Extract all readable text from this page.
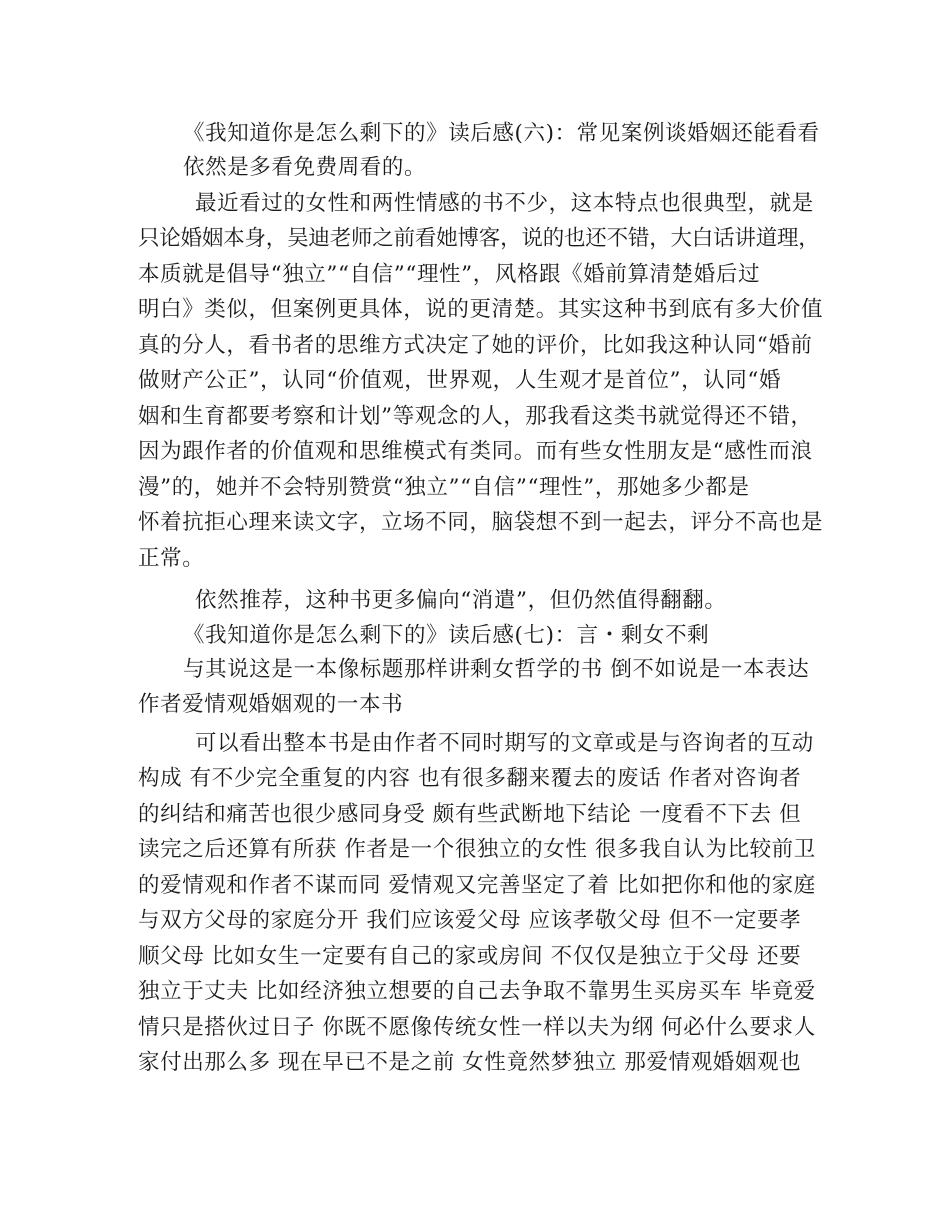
《我知道你是怎么剩下的》读后感(六)：常见案例谈婚姻还能看看
依然是多看免费周看的。
最近看过的女性和两性情感的书不少，这本特点也很典型，就是
只论婚姻本身，吴迪老师之前看她博客，说的也还不错，大白话讲道理，
本质就是倡导“独立”“自信”“理性”，风格跟《婚前算清楚婚后过
明白》类似，但案例更具体，说的更清楚。其实这种书到底有多大价值
真的分人，看书者的思维方式决定了她的评价，比如我这种认同“婚前
做财产公正”，认同“价值观，世界观，人生观才是首位”，认同“婚
姻和生育都要考察和计划”等观念的人，那我看这类书就觉得还不错，
因为跟作者的价值观和思维模式有类同。而有些女性朋友是“感性而浪
漫”的，她并不会特别赞赏“独立”“自信”“理性”，那她多少都是
怀着抗拒心理来读文字，立场不同，脑袋想不到一起去，评分不高也是
正常。
依然推荐，这种书更多偏向“消遣”，但仍然值得翻翻。
《我知道你是怎么剩下的》读后感(七)：言・剩女不剩
与其说这是一本像标题那样讲剩女哲学的书 倒不如说是一本表达
作者爱情观婚姻观的一本书
可以看出整本书是由作者不同时期写的文章或是与咨询者的互动
构成 有不少完全重复的内容 也有很多翻来覆去的废话 作者对咨询者
的纠结和痛苦也很少感同身受 颇有些武断地下结论 一度看不下去 但
读完之后还算有所获 作者是一个很独立的女性 很多我自认为比较前卫
的爱情观和作者不谋而同 爱情观又完善坚定了着 比如把你和他的家庭
与双方父母的家庭分开 我们应该爱父母 应该孝敬父母 但不一定要孝
顺父母 比如女生一定要有自己的家或房间 不仅仅是独立于父母 还要
独立于丈夫 比如经济独立想要的自己去争取不靠男生买房买车 毕竟爱
情只是搭伙过日子 你既不愿像传统女性一样以夫为纲 何必什么要求人
家付出那么多 现在早已不是之前 女性竟然梦独立 那爱情观婚姻观也
